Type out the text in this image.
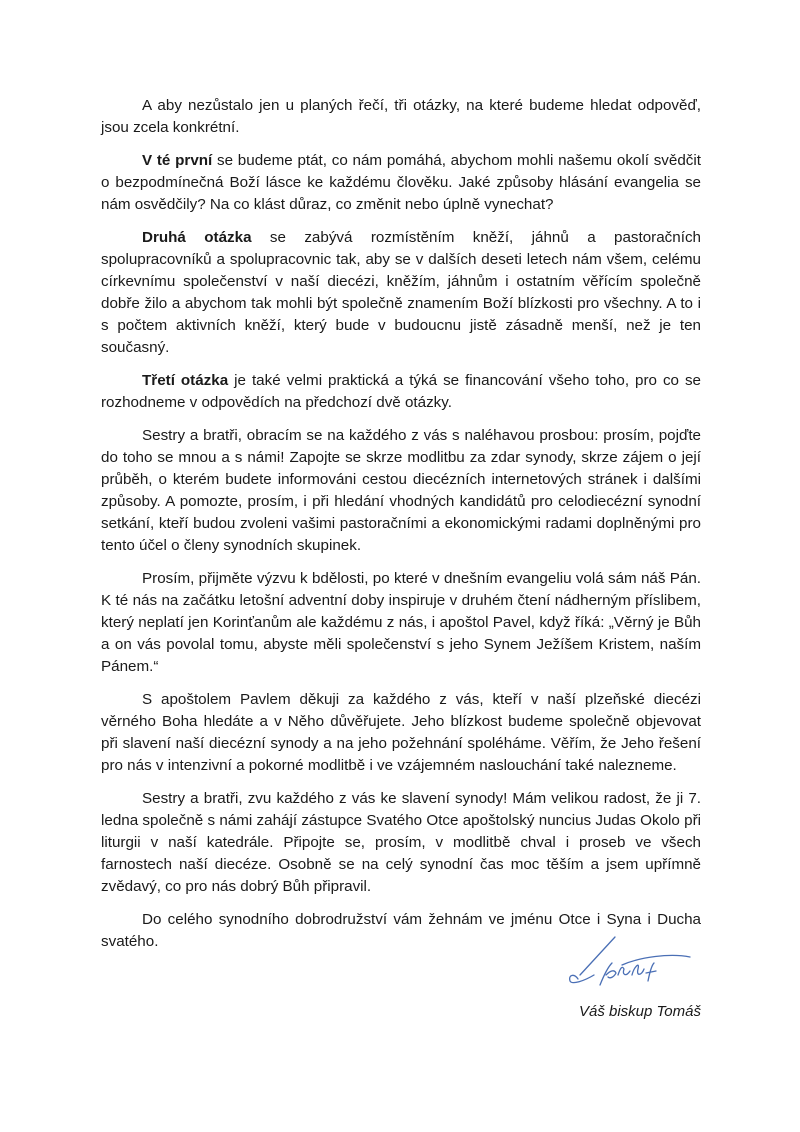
A aby nezůstalo jen u planých řečí, tři otázky, na které budeme hledat odpověď, jsou zcela konkrétní.

V té první se budeme ptát, co nám pomáhá, abychom mohli našemu okolí svědčit o bezpodmínečná Boží lásce ke každému člověku. Jaké způsoby hlásání evangelia se nám osvědčily? Na co klást důraz, co změnit nebo úplně vynechat?

Druhá otázka se zabývá rozmístěním kněží, jáhnů a pastoračních spolupracovníků a spolupracovnic tak, aby se v dalších deseti letech nám všem, celému církevnímu společenství v naší diecézi, kněžím, jáhnům i ostatním věřícím společně dobře žilo a abychom tak mohli být společně znamením Boží blízkosti pro všechny. A to i s počtem aktivních kněží, který bude v budoucnu jistě zásadně menší, než je ten současný.

Třetí otázka je také velmi praktická a týká se financování všeho toho, pro co se rozhodneme v odpovědích na předchozí dvě otázky.

Sestry a bratři, obracím se na každého z vás s naléhavou prosbou: prosím, pojďte do toho se mnou a s námi! Zapojte se skrze modlitbu za zdar synody, skrze zájem o její průběh, o kterém budete informováni cestou diecézních internetových stránek i dalšími způsoby. A pomozte, prosím, i při hledání vhodných kandidátů pro celodiecézní synodní setkání, kteří budou zvoleni vašimi pastoračními a ekonomickými radami doplněnými pro tento účel o členy synodních skupinek.

Prosím, přijměte výzvu k bdělosti, po které v dnešním evangeliu volá sám náš Pán. K té nás na začátku letošní adventní doby inspiruje v druhém čtení nádherným příslibem, který neplatí jen Korinťanům ale každému z nás, i apoštol Pavel, když říká: „Věrný je Bůh a on vás povolal tomu, abyste měli společenství s jeho Synem Ježíšem Kristem, naším Pánem.“

S apoštolem Pavlem děkuji za každého z vás, kteří v naší plzeňské diecézi věrného Boha hledáte a v Něho důvěřujete. Jeho blízkost budeme společně objevovat při slavení naší diecézní synody a na jeho požehnání spoléháme. Věřím, že Jeho řešení pro nás v intenzivní a pokorné modlitbě i ve vzájemném naslouchání také nalezneme.

Sestry a bratři, zvu každého z vás ke slavení synody! Mám velikou radost, že ji 7. ledna společně s námi zahájí zástupce Svatého Otce apoštolský nuncius Judas Okolo při liturgii v naší katedrále. Připojte se, prosím, v modlitbě chval i proseb ve všech farnostech naší diecéze. Osobně se na celý synodní čas moc těším a jsem upřímně zvědavý, co pro nás dobrý Bůh připravil.

Do celého synodního dobrodružství vám žehnám ve jménu Otce i Syna i Ducha svatého.

Váš biskup Tomáš
